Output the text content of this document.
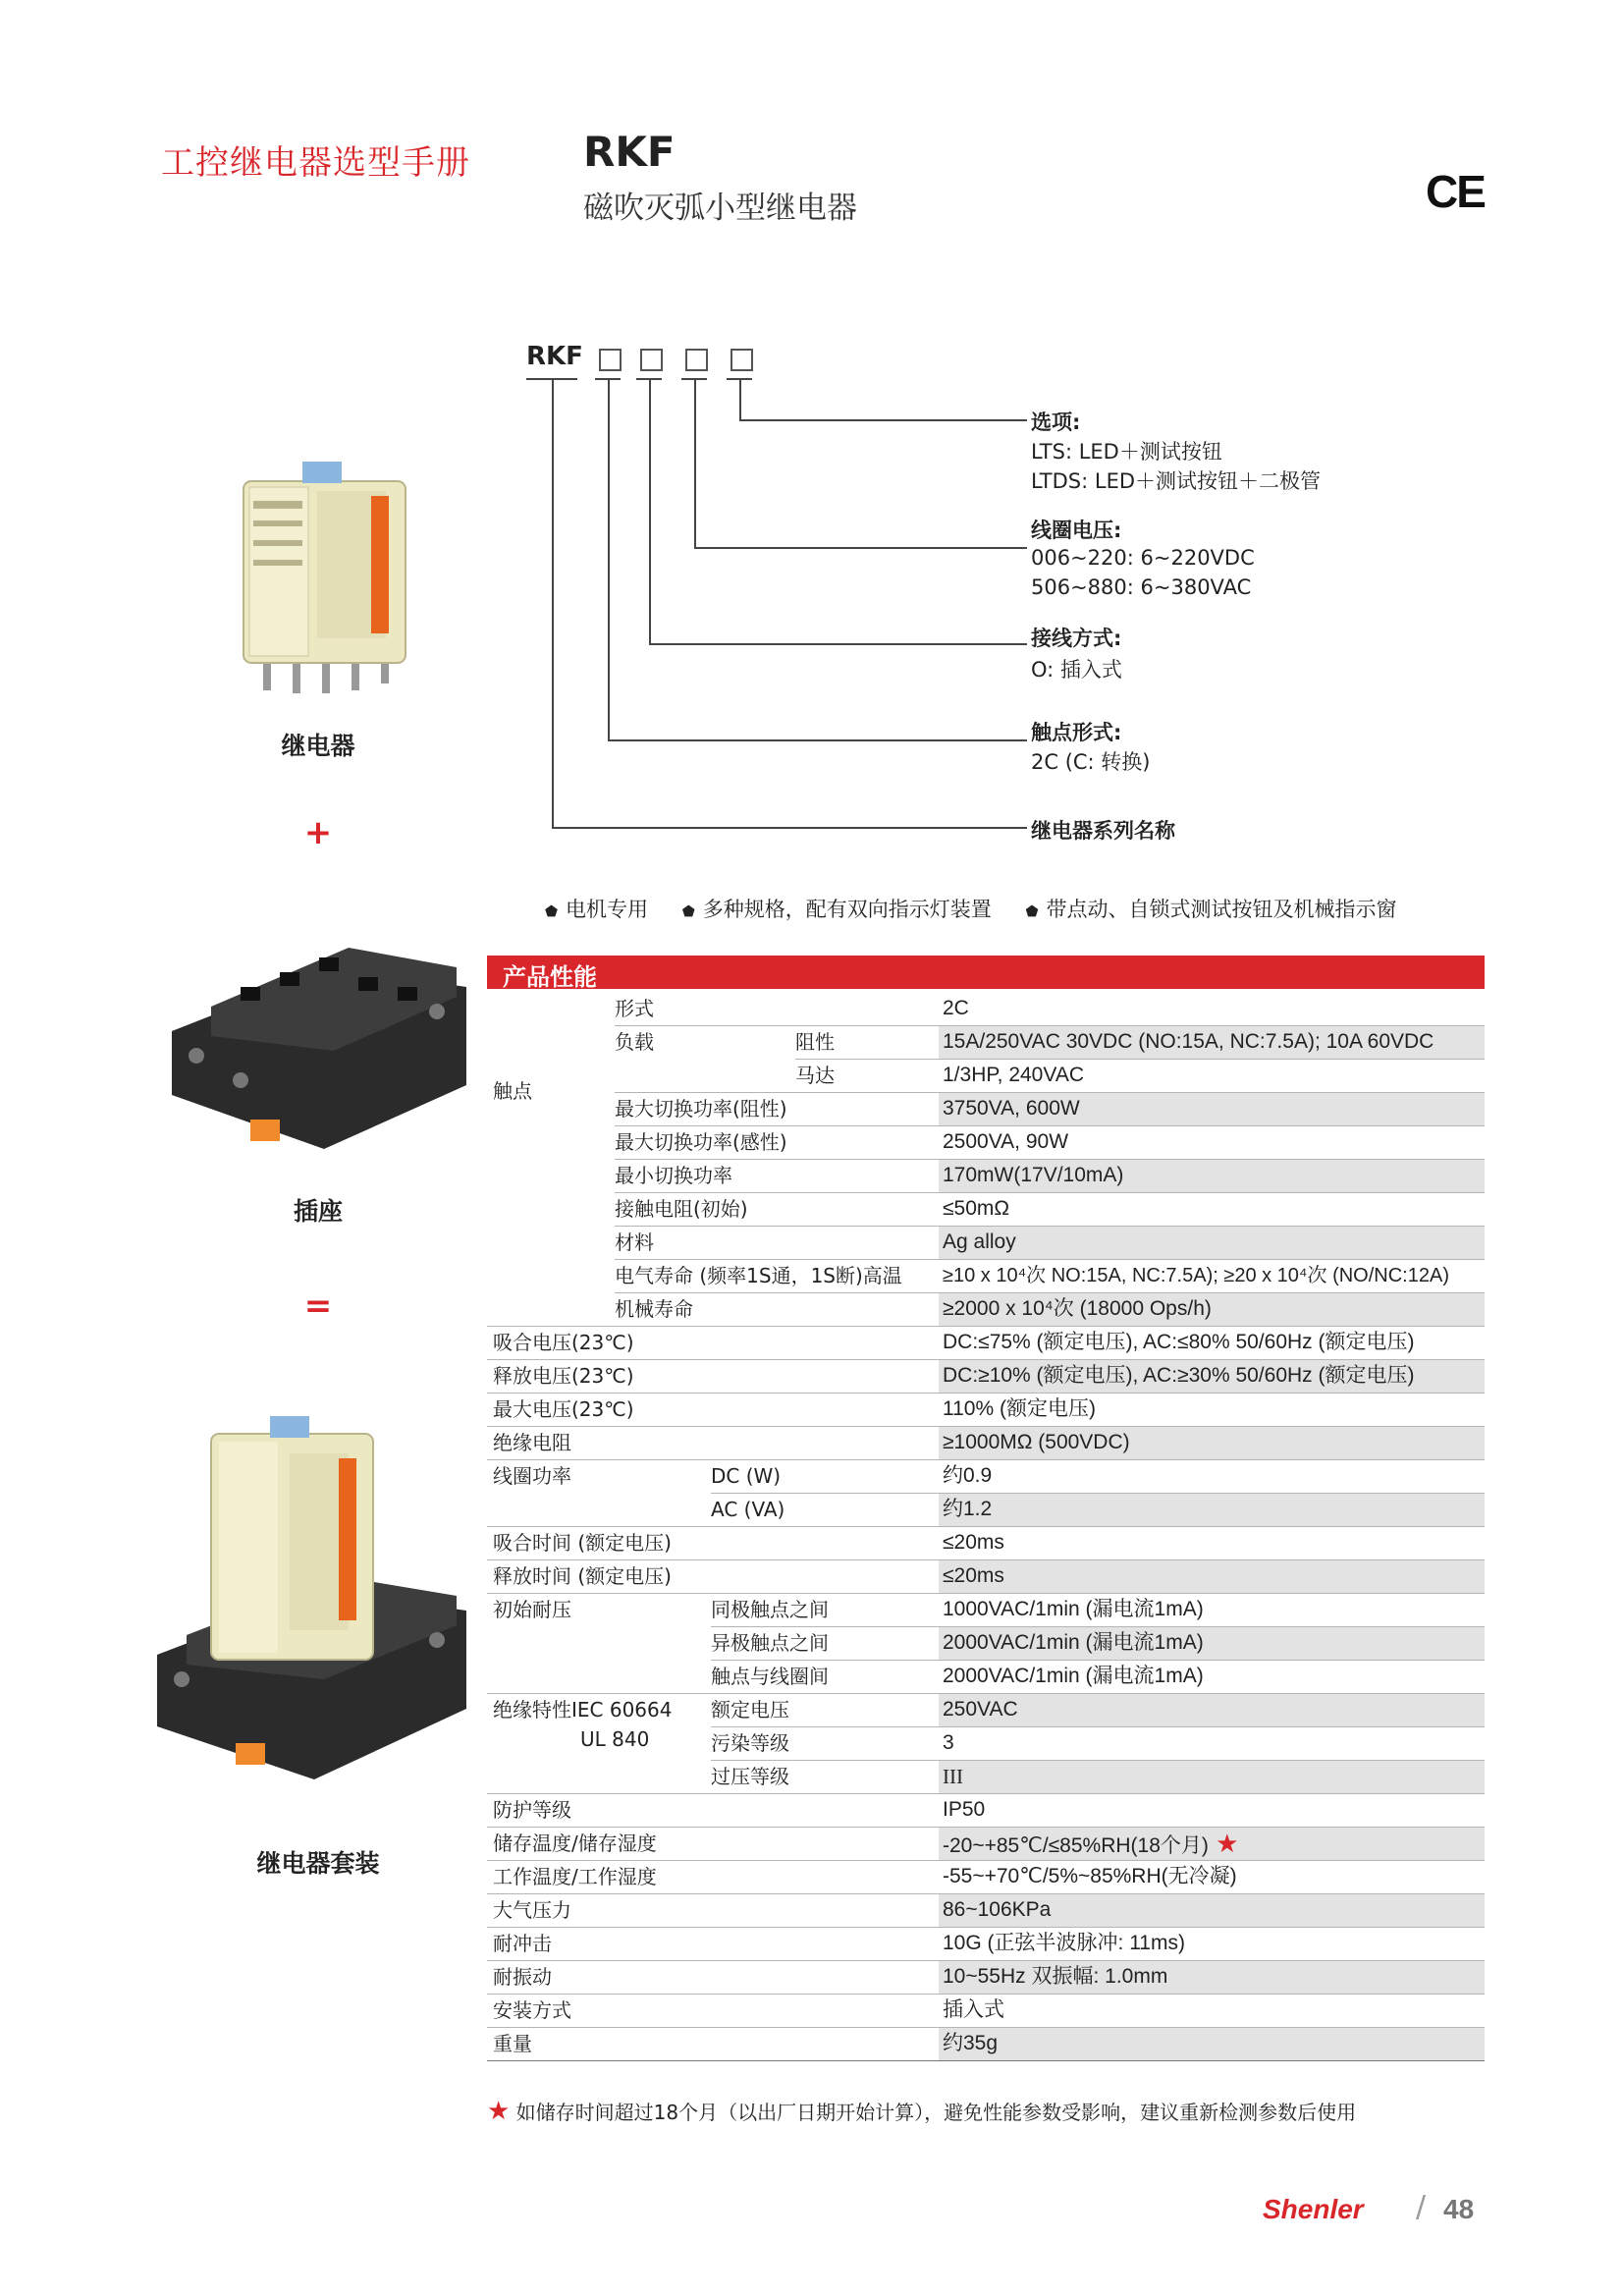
工控继电器选型手册	RKF
磁吹灭弧小型继电器	CE
RKF
选项:
LTS: LED＋测试按钮
LTDS: LED＋测试按钮＋二极管
线圈电压:
006~220: 6~220VDC
506~880: 6~380VAC
接线方式:
O: 插入式
触点形式:
2C (C: 转换)
继电器系列名称
继电器
+
插座
=
继电器套装
⬟ 电机专用 ⬟ 多种规格，配有双向指示灯装置 ⬟ 带点动、自锁式测试按钮及机械指示窗
产品性能
触点
形式	2C
负载	阻性	15A/250VAC 30VDC (NO:15A, NC:7.5A); 10A 60VDC
马达	1/3HP, 240VAC
最大切换功率(阻性)	3750VA, 600W
最大切换功率(感性)	2500VA, 90W
最小切换功率	170mW(17V/10mA)
接触电阻(初始)	≤50mΩ
材料	Ag alloy
电气寿命 (频率1S通，1S断)高温 ≥10 x 10⁴次 NO:15A, NC:7.5A); ≥20 x 10⁴次 (NO/NC:12A)
机械寿命	≥2000 x 10⁴次 (18000 Ops/h)
吸合电压(23℃)	DC:≤75% (额定电压), AC:≤80% 50/60Hz (额定电压)
释放电压(23℃)	DC:≥10% (额定电压), AC:≥30% 50/60Hz (额定电压)
最大电压(23℃)	110% (额定电压)
绝缘电阻	≥1000MΩ (500VDC)
线圈功率	DC (W)	约0.9
AC (VA)	约1.2
吸合时间 (额定电压)	≤20ms
释放时间 (额定电压)	≤20ms
初始耐压	同极触点之间	1000VAC/1min (漏电流1mA)
异极触点之间	2000VAC/1min (漏电流1mA)
触点与线圈间	2000VAC/1min (漏电流1mA)
绝缘特性IEC 60664
UL 840
额定电压	250VAC
污染等级	3
过压等级	III
防护等级	IP50
储存温度/储存湿度	-20~+85℃/≤85%RH(18个月) ★
工作温度/工作湿度	-55~+70℃/5%~85%RH(无冷凝)
大气压力	86~106KPa
耐冲击	10G (正弦半波脉冲: 11ms)
耐振动	10~55Hz 双振幅: 1.0mm
安装方式	插入式
重量	约35g
★ 如储存时间超过18个月（以出厂日期开始计算），避免性能参数受影响，建议重新检测参数后使用
Shenler / 48
